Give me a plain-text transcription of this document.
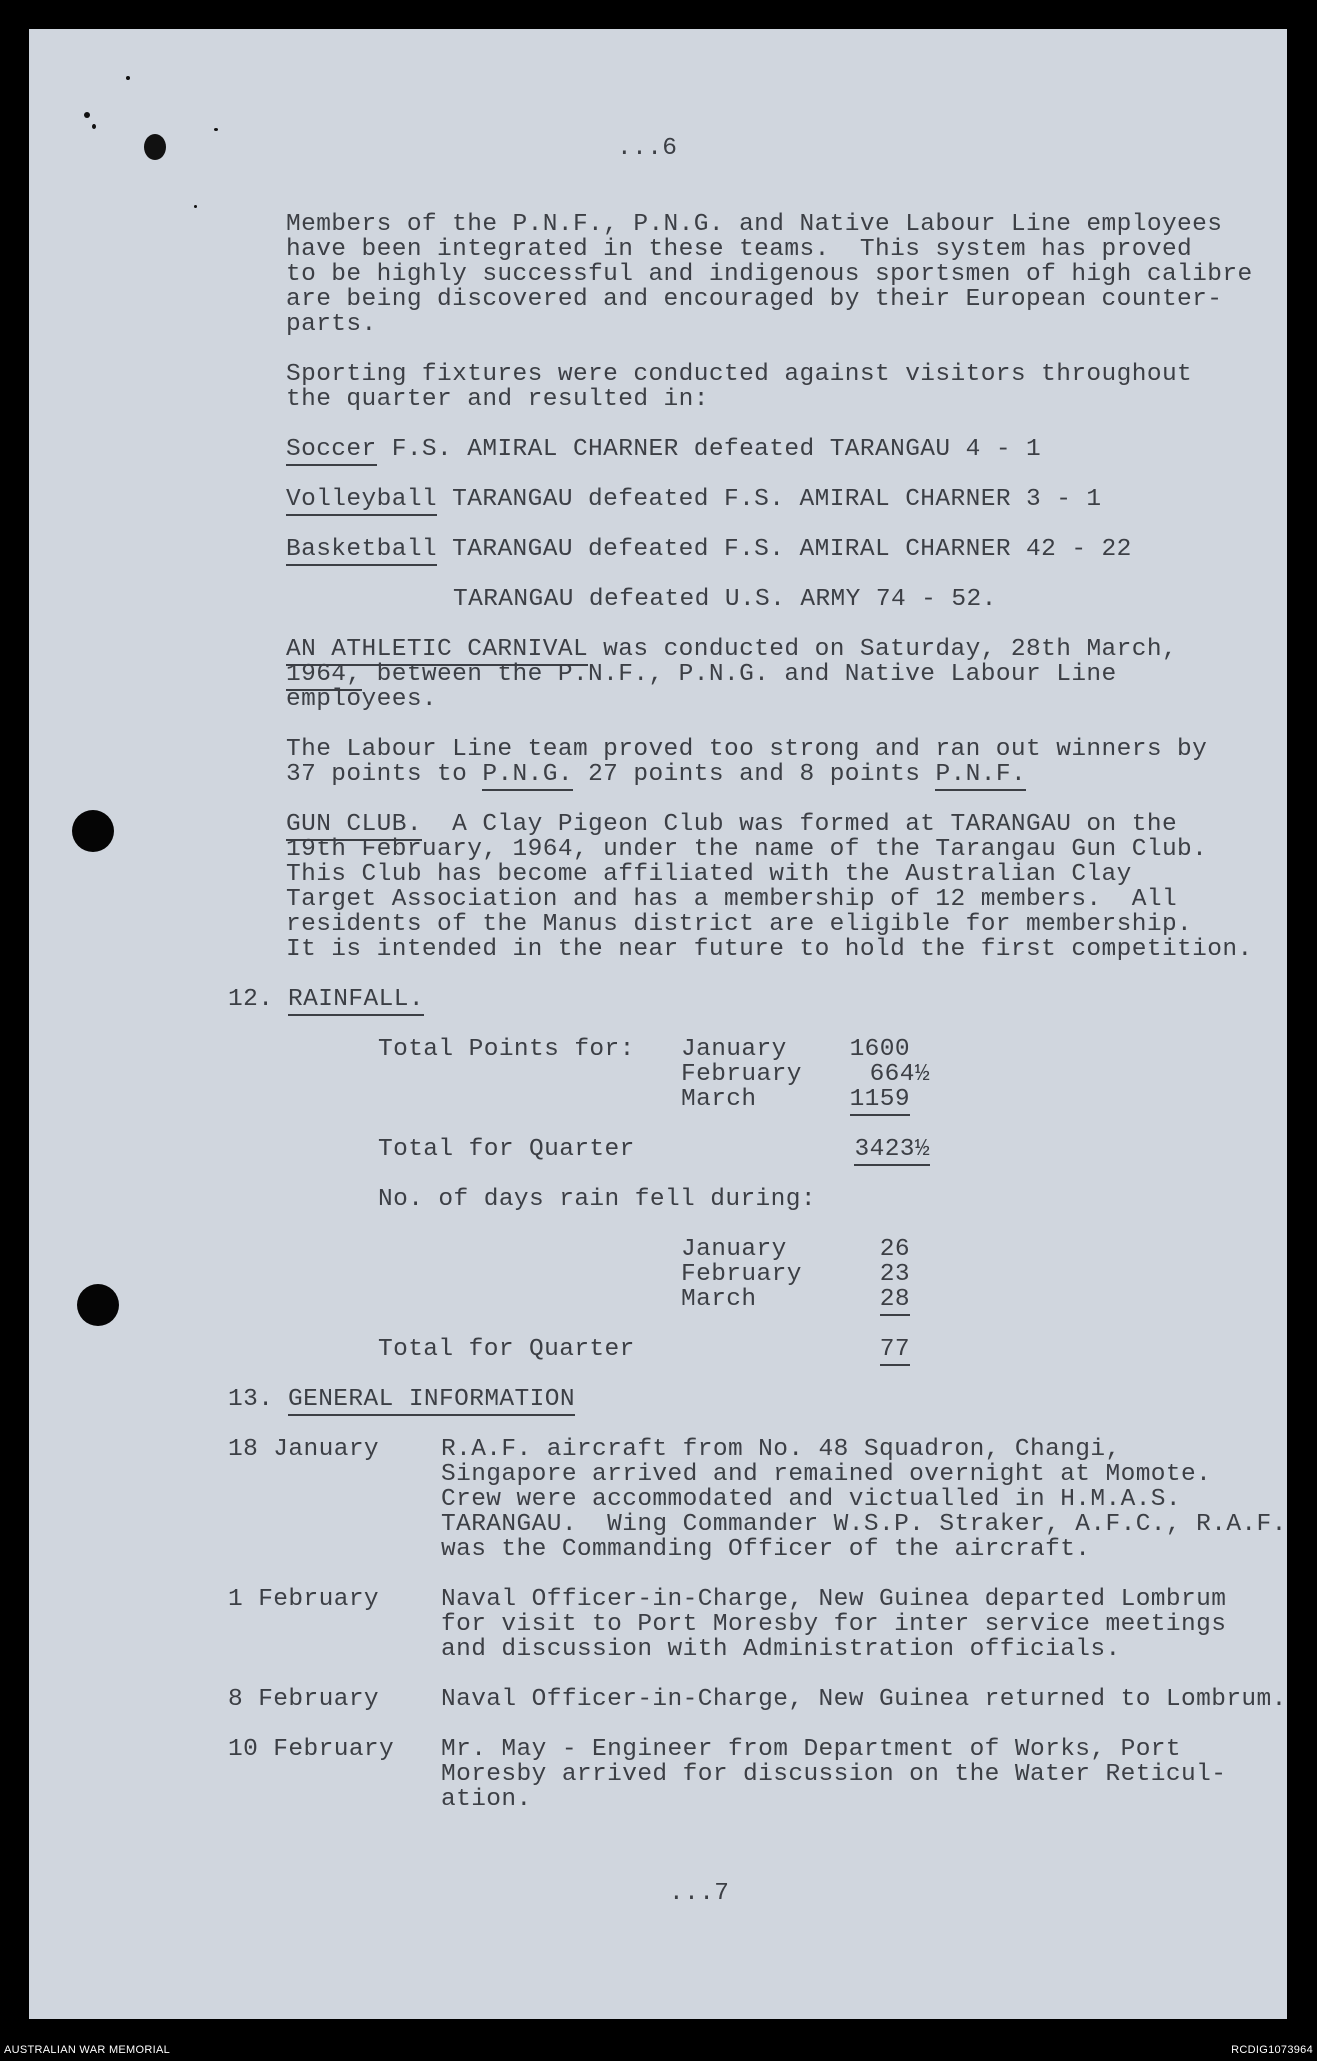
...6
Members of the P.N.F., P.N.G. and Native Labour Line employees
have been integrated in these teams.  This system has proved
to be highly successful and indigenous sportsmen of high calibre
are being discovered and encouraged by their European counter-
parts.
Sporting fixtures were conducted against visitors throughout
the quarter and resulted in:
Soccer F.S. AMIRAL CHARNER defeated TARANGAU 4 - 1
Volleyball TARANGAU defeated F.S. AMIRAL CHARNER 3 - 1
Basketball TARANGAU defeated F.S. AMIRAL CHARNER 42 - 22
TARANGAU defeated U.S. ARMY 74 - 52.
AN ATHLETIC CARNIVAL was conducted on Saturday, 28th March,
1964, between the P.N.F., P.N.G. and Native Labour Line
employees.
The Labour Line team proved too strong and ran out winners by
37 points to P.N.G. 27 points and 8 points P.N.F.
GUN CLUB.  A Clay Pigeon Club was formed at TARANGAU on the
19th February, 1964, under the name of the Tarangau Gun Club.
This Club has become affiliated with the Australian Clay
Target Association and has a membership of 12 members.  All
residents of the Manus district are eligible for membership.
It is intended in the near future to hold the first competition.
12. RAINFALL.
Total Points for: January	1600
February	664½
March	1159
Total for Quarter	3423½
No. of days rain fell during:
January	26
February	23
March	28
Total for Quarter	77
13. GENERAL INFORMATION
18 January	R.A.F. aircraft from No. 48 Squadron, Changi,
Singapore arrived and remained overnight at Momote.
Crew were accommodated and victualled in H.M.A.S.
TARANGAU.  Wing Commander W.S.P. Straker, A.F.C., R.A.F.
was the Commanding Officer of the aircraft.
1 February	Naval Officer-in-Charge, New Guinea departed Lombrum
for visit to Port Moresby for inter service meetings
and discussion with Administration officials.
8 February	Naval Officer-in-Charge, New Guinea returned to Lombrum.
10 February Mr. May - Engineer from Department of Works, Port
Moresby arrived for discussion on the Water Reticul-
ation.
...7
AUSTRALIAN WAR MEMORIAL	RCDIG1073964
